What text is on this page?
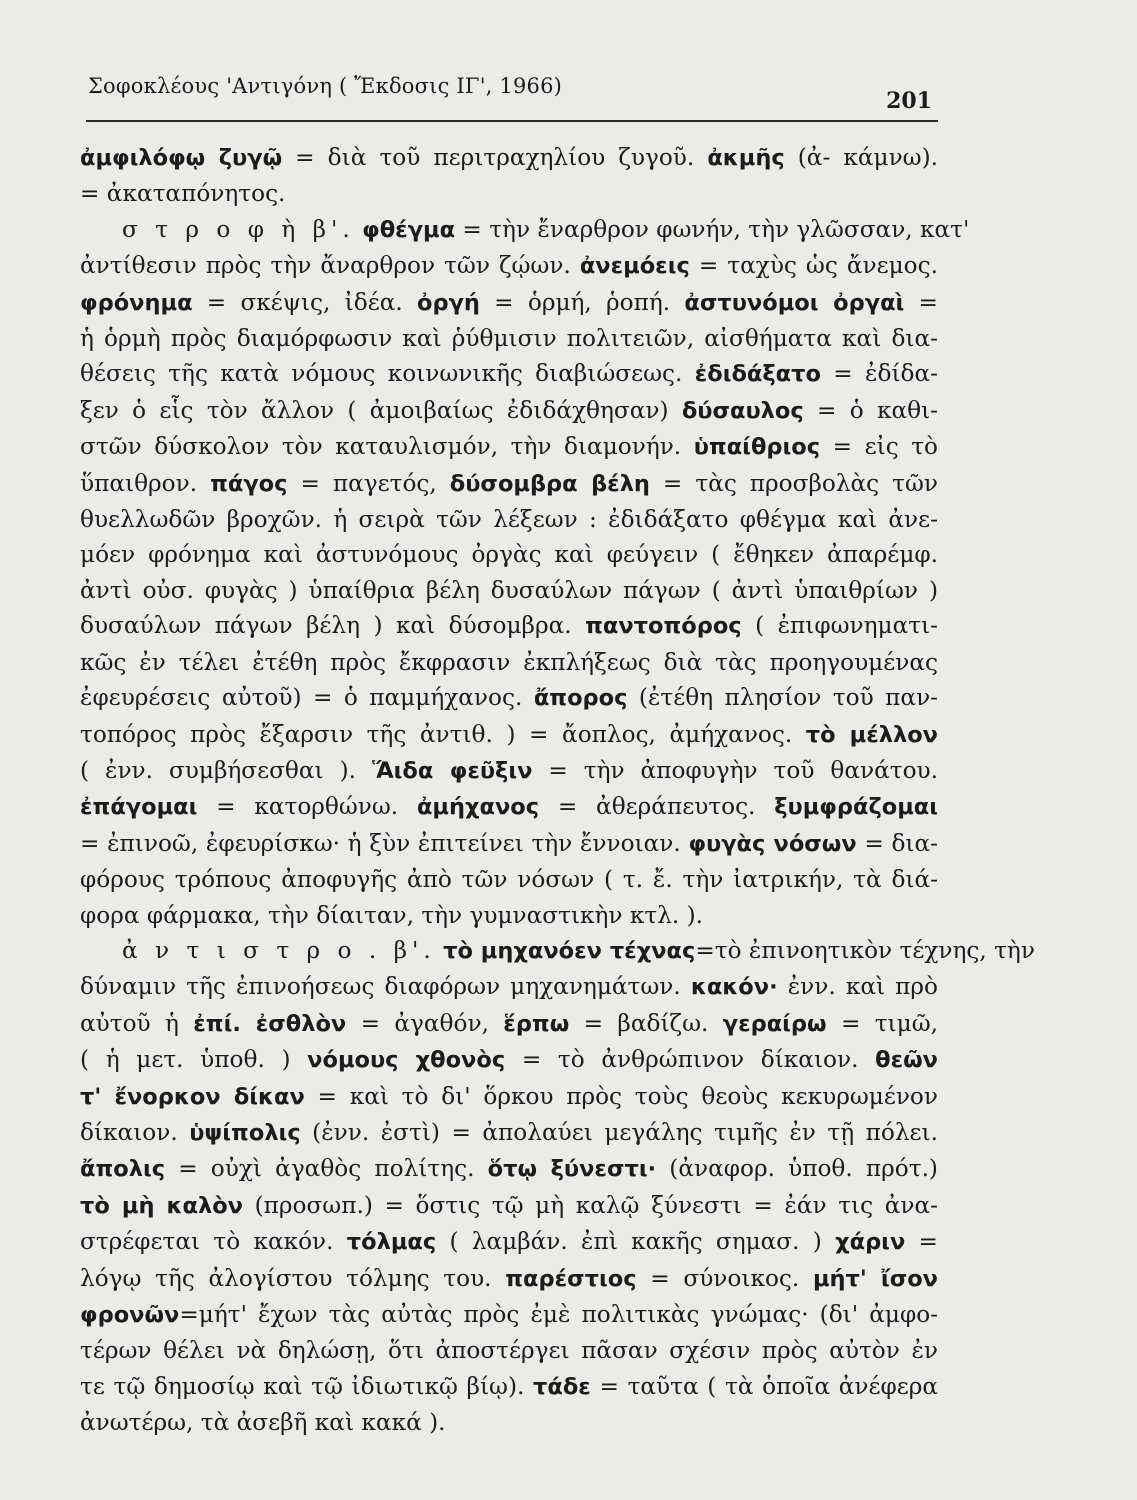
Σοφοκλέους 'Αντιγόνη ( Ἔκδοσις ΙΓ', 1966)
201
ἀμφιλόφῳ ζυγῷ = διὰ τοῦ περιτραχηλίου ζυγοῦ. ἀκμῆς (ἀ- κάμνω).
= ἀκαταπόνητος.
σ τ ρ ο φ ὴ β'. φθέγμα = τὴν ἔναρθρον φωνήν, τὴν γλῶσσαν, κατ'
ἀντίθεσιν πρὸς τὴν ἄναρθρον τῶν ζῴων. ἀνεμόεις = ταχὺς ὡς ἄνεμος.
φρόνημα = σκέψις, ἰδέα. ὀργή = ὁρμή, ῥοπή. ἀστυνόμοι ὀργαὶ =
ἡ ὁρμὴ πρὸς διαμόρφωσιν καὶ ῥύθμισιν πολιτειῶν, αἰσθήματα καὶ δια-
θέσεις τῆς κατὰ νόμους κοινωνικῆς διαβιώσεως. ἐδιδάξατο = ἐδίδα-
ξεν ὁ εἷς τὸν ἄλλον ( ἀμοιβαίως ἐδιδάχθησαν) δύσαυλος = ὁ καθι-
στῶν δύσκολον τὸν καταυλισμόν, τὴν διαμονήν. ὑπαίθριος = εἰς τὸ
ὕπαιθρον. πάγος = παγετός, δύσομβρα βέλη = τὰς προσβολὰς τῶν
θυελλωδῶν βροχῶν. ἡ σειρὰ τῶν λέξεων : ἐδιδάξατο φθέγμα καὶ ἀνε-
μόεν φρόνημα καὶ ἀστυνόμους ὀργὰς καὶ φεύγειν ( ἔθηκεν ἀπαρέμφ.
ἀντὶ οὐσ. φυγὰς ) ὑπαίθρια βέλη δυσαύλων πάγων ( ἀντὶ ὑπαιθρίων )
δυσαύλων πάγων βέλη ) καὶ δύσομβρα. παντοπόρος ( ἐπιφωνηματι-
κῶς ἐν τέλει ἐτέθη πρὸς ἔκφρασιν ἐκπλήξεως διὰ τὰς προηγουμένας
ἐφευρέσεις αὐτοῦ) = ὁ παμμήχανος. ἄπορος (ἐτέθη πλησίον τοῦ παν-
τοπόρος πρὸς ἔξαρσιν τῆς ἀντιθ. ) = ἄοπλος, ἀμήχανος. τὸ μέλλον
( ἐνν. συμβήσεσθαι ). Ἅιδα φεῦξιν = τὴν ἀποφυγὴν τοῦ θανάτου.
ἐπάγομαι = κατορθώνω. ἀμήχανος = ἀθεράπευτος. ξυμφράζομαι
= ἐπινοῶ, ἐφευρίσκω· ἡ ξὺν ἐπιτείνει τὴν ἔννοιαν. φυγὰς νόσων = δια-
φόρους τρόπους ἀποφυγῆς ἀπὸ τῶν νόσων ( τ. ἔ. τὴν ἰατρικήν, τὰ διά-
φορα φάρμακα, τὴν δίαιταν, τὴν γυμναστικὴν κτλ. ).
ἀ ν τ ι σ τ ρ ο . β'. τὸ μηχανόεν τέχνας=τὸ ἐπινοητικὸν τέχνης, τὴν
δύναμιν τῆς ἐπινοήσεως διαφόρων μηχανημάτων. κακόν· ἐνν. καὶ πρὸ
αὐτοῦ ἡ ἐπί. ἐσθλὸν = ἀγαθόν, ἕρπω = βαδίζω. γεραίρω = τιμῶ,
( ἡ μετ. ὑποθ. ) νόμους χθονὸς = τὸ ἀνθρώπινον δίκαιον. θεῶν
τ' ἔνορκον δίκαν = καὶ τὸ δι' ὅρκου πρὸς τοὺς θεοὺς κεκυρωμένον
δίκαιον. ὑψίπολις (ἐνν. ἐστὶ) = ἀπολαύει μεγάλης τιμῆς ἐν τῇ πόλει.
ἄπολις = οὐχὶ ἀγαθὸς πολίτης. ὅτῳ ξύνεστι· (ἀναφορ. ὑποθ. πρότ.)
τὸ μὴ καλὸν (προσωπ.) = ὅστις τῷ μὴ καλῷ ξύνεστι = ἐάν τις ἀνα-
στρέφεται τὸ κακόν. τόλμας ( λαμβάν. ἐπὶ κακῆς σημασ. ) χάριν =
λόγῳ τῆς ἀλογίστου τόλμης του. παρέστιος = σύνοικος. μήτ' ἴσον
φρονῶν=μήτ' ἔχων τὰς αὐτὰς πρὸς ἐμὲ πολιτικὰς γνώμας· (δι' ἀμφο-
τέρων θέλει νὰ δηλώσῃ, ὅτι ἀποστέργει πᾶσαν σχέσιν πρὸς αὐτὸν ἐν
τε τῷ δημοσίῳ καὶ τῷ ἰδιωτικῷ βίῳ). τάδε = ταῦτα ( τὰ ὁποῖα ἀνέφερα
ἀνωτέρω, τὰ ἀσεβῆ καὶ κακά ).
